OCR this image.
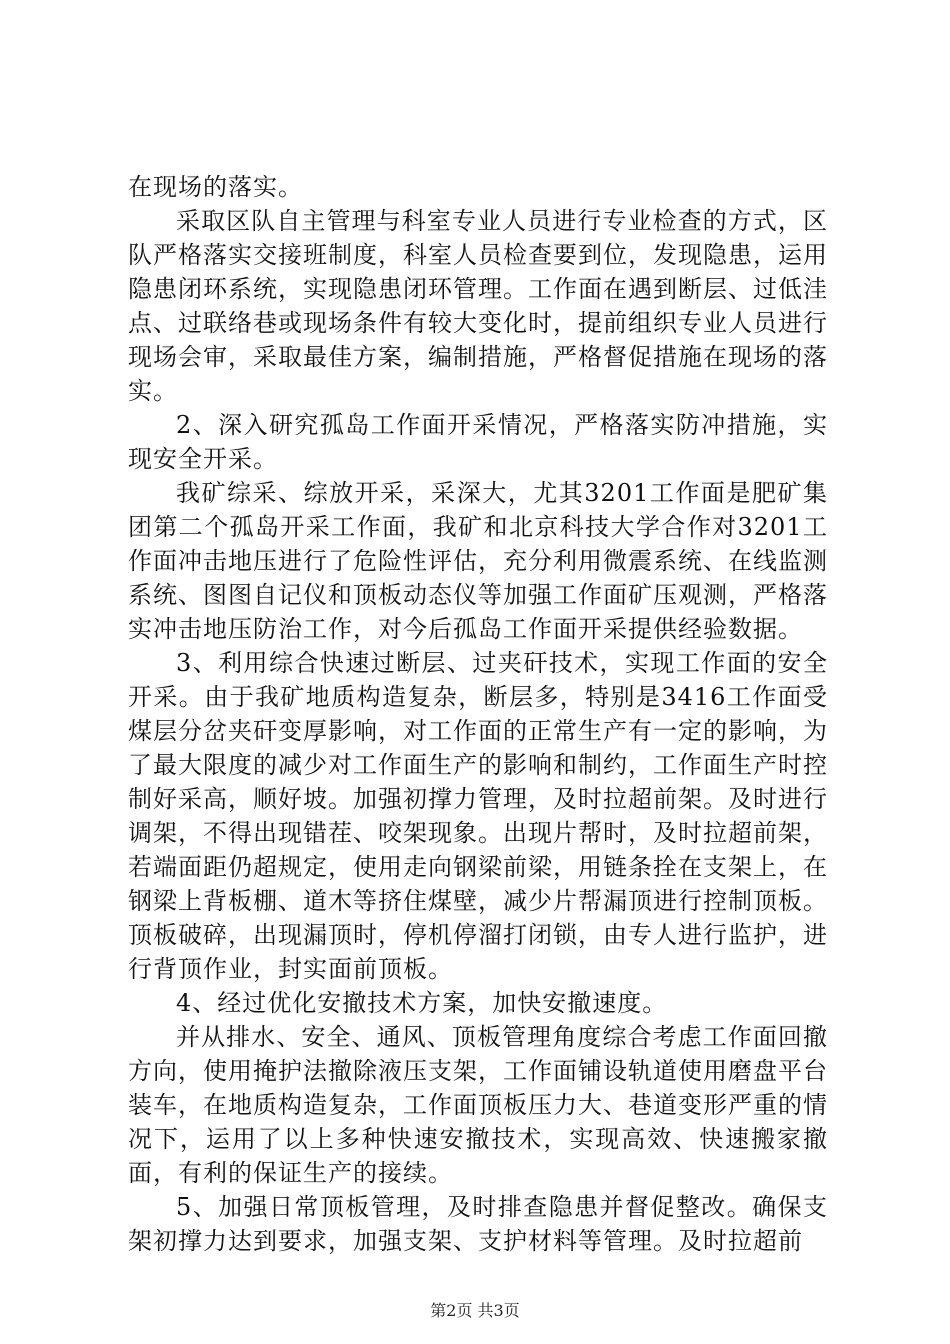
在现场的落实。

采取区队自主管理与科室专业人员进行专业检查的方式，区队严格落实交接班制度，科室人员检查要到位，发现隐患，运用隐患闭环系统，实现隐患闭环管理。工作面在遇到断层、过低洼点、过联络巷或现场条件有较大变化时，提前组织专业人员进行现场会审，采取最佳方案，编制措施，严格督促措施在现场的落实。

2、深入研究孤岛工作面开采情况，严格落实防冲措施，实现安全开采。

我矿综采、综放开采，采深大，尤其3201工作面是肥矿集团第二个孤岛开采工作面，我矿和北京科技大学合作对3201工作面冲击地压进行了危险性评估，充分利用微震系统、在线监测系统、图图自记仪和顶板动态仪等加强工作面矿压观测，严格落实冲击地压防治工作，对今后孤岛工作面开采提供经验数据。

3、利用综合快速过断层、过夹矸技术，实现工作面的安全开采。由于我矿地质构造复杂，断层多，特别是3416工作面受煤层分岔夹矸变厚影响，对工作面的正常生产有一定的影响，为了最大限度的减少对工作面生产的影响和制约，工作面生产时控制好采高，顺好坡。加强初撑力管理，及时拉超前架。及时进行调架，不得出现错茬、咬架现象。出现片帮时，及时拉超前架，若端面距仍超规定，使用走向钢梁前梁，用链条拴在支架上，在钢梁上背板棚、道木等挤住煤壁，减少片帮漏顶进行控制顶板。顶板破碎，出现漏顶时，停机停溜打闭锁，由专人进行监护，进行背顶作业，封实面前顶板。

4、经过优化安撤技术方案，加快安撤速度。

并从排水、安全、通风、顶板管理角度综合考虑工作面回撤方向，使用掩护法撤除液压支架，工作面铺设轨道使用磨盘平台装车，在地质构造复杂，工作面顶板压力大、巷道变形严重的情况下，运用了以上多种快速安撤技术，实现高效、快速搬家撤面，有利的保证生产的接续。

5、加强日常顶板管理，及时排查隐患并督促整改。确保支架初撑力达到要求，加强支架、支护材料等管理。及时拉超前

第2页 共3页
